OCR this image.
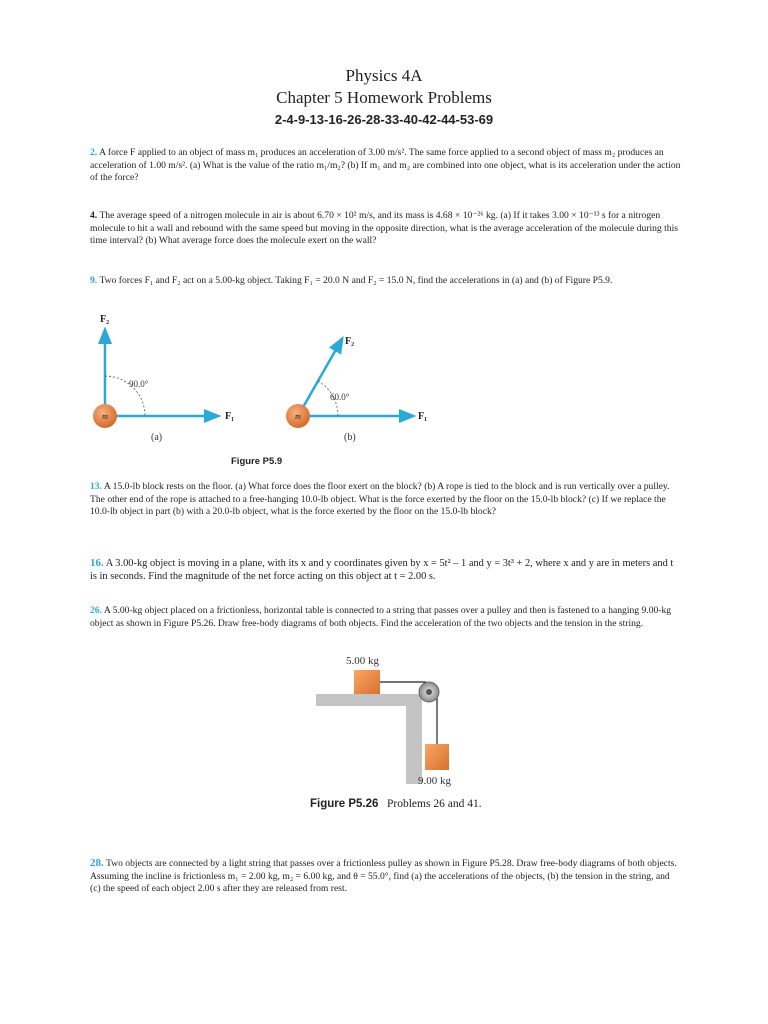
Physics 4A
Chapter 5 Homework Problems
2-4-9-13-16-26-28-33-40-42-44-53-69
2. A force F applied to an object of mass m₁ produces an acceleration of 3.00 m/s². The same force applied to a second object of mass m₂ produces an acceleration of 1.00 m/s². (a) What is the value of the ratio m₁/m₂? (b) If m₁ and m₂ are combined into one object, what is its acceleration under the action of the force?
4. The average speed of a nitrogen molecule in air is about 6.70 × 10² m/s, and its mass is 4.68 × 10⁻²⁶ kg. (a) If it takes 3.00 × 10⁻¹³ s for a nitrogen molecule to hit a wall and rebound with the same speed but moving in the opposite direction, what is the average acceleration of the molecule during this time interval? (b) What average force does the molecule exert on the wall?
9. Two forces F₁ and F₂ act on a 5.00-kg object. Taking F₁ = 20.0 N and F₂ = 15.0 N, find the accelerations in (a) and (b) of Figure P5.9.
m
90.0°
F₂
F₁
(a)
m
60.0°
F₂
F₁
(b)
Figure P5.9
13. A 15.0-lb block rests on the floor. (a) What force does the floor exert on the block? (b) A rope is tied to the block and is run vertically over a pulley. The other end of the rope is attached to a free-hanging 10.0-lb object. What is the force exerted by the floor on the 15.0-lb block? (c) If we replace the 10.0-lb object in part (b) with a 20.0-lb object, what is the force exerted by the floor on the 15.0-lb block?
16. A 3.00-kg object is moving in a plane, with its x and y coordinates given by x = 5t² – 1 and y = 3t³ + 2, where x and y are in meters and t is in seconds. Find the magnitude of the net force acting on this object at t = 2.00 s.
26. A 5.00-kg object placed on a frictionless, horizontal table is connected to a string that passes over a pulley and then is fastened to a hanging 9.00-kg object as shown in Figure P5.26. Draw free-body diagrams of both objects. Find the acceleration of the two objects and the tension in the string.
5.00 kg
9.00 kg
Figure P5.26 Problems 26 and 41.
28. Two objects are connected by a light string that passes over a frictionless pulley as shown in Figure P5.28. Draw free-body diagrams of both objects. Assuming the incline is frictionless m₁ = 2.00 kg, m₂ = 6.00 kg, and θ = 55.0°, find (a) the accelerations of the objects, (b) the tension in the string, and (c) the speed of each object 2.00 s after they are released from rest.
